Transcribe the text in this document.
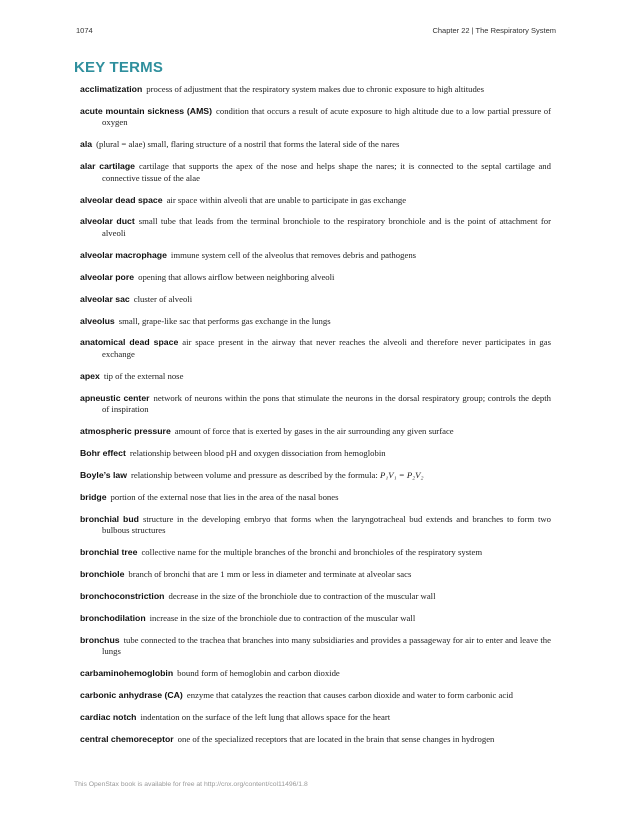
1074	Chapter 22 | The Respiratory System
KEY TERMS

acclimatization process of adjustment that the respiratory system makes due to chronic exposure to high altitudes

acute mountain sickness (AMS) condition that occurs a result of acute exposure to high altitude due to a low partial pressure of oxygen

ala (plural = alae) small, flaring structure of a nostril that forms the lateral side of the nares

alar cartilage cartilage that supports the apex of the nose and helps shape the nares; it is connected to the septal cartilage and connective tissue of the alae

alveolar dead space air space within alveoli that are unable to participate in gas exchange

alveolar duct small tube that leads from the terminal bronchiole to the respiratory bronchiole and is the point of attachment for alveoli

alveolar macrophage immune system cell of the alveolus that removes debris and pathogens

alveolar pore opening that allows airflow between neighboring alveoli

alveolar sac cluster of alveoli

alveolus small, grape-like sac that performs gas exchange in the lungs

anatomical dead space air space present in the airway that never reaches the alveoli and therefore never participates in gas exchange

apex tip of the external nose

apneustic center network of neurons within the pons that stimulate the neurons in the dorsal respiratory group; controls the depth of inspiration

atmospheric pressure amount of force that is exerted by gases in the air surrounding any given surface

Bohr effect relationship between blood pH and oxygen dissociation from hemoglobin

Boyle’s law relationship between volume and pressure as described by the formula: P₁V₁ = P₂V₂

bridge portion of the external nose that lies in the area of the nasal bones

bronchial bud structure in the developing embryo that forms when the laryngotracheal bud extends and branches to form two bulbous structures

bronchial tree collective name for the multiple branches of the bronchi and bronchioles of the respiratory system

bronchiole branch of bronchi that are 1 mm or less in diameter and terminate at alveolar sacs

bronchoconstriction decrease in the size of the bronchiole due to contraction of the muscular wall

bronchodilation increase in the size of the bronchiole due to contraction of the muscular wall

bronchus tube connected to the trachea that branches into many subsidiaries and provides a passageway for air to enter and leave the lungs

carbaminohemoglobin bound form of hemoglobin and carbon dioxide

carbonic anhydrase (CA) enzyme that catalyzes the reaction that causes carbon dioxide and water to form carbonic acid

cardiac notch indentation on the surface of the left lung that allows space for the heart

central chemoreceptor one of the specialized receptors that are located in the brain that sense changes in hydrogen

This OpenStax book is available for free at http://cnx.org/content/col11496/1.8
